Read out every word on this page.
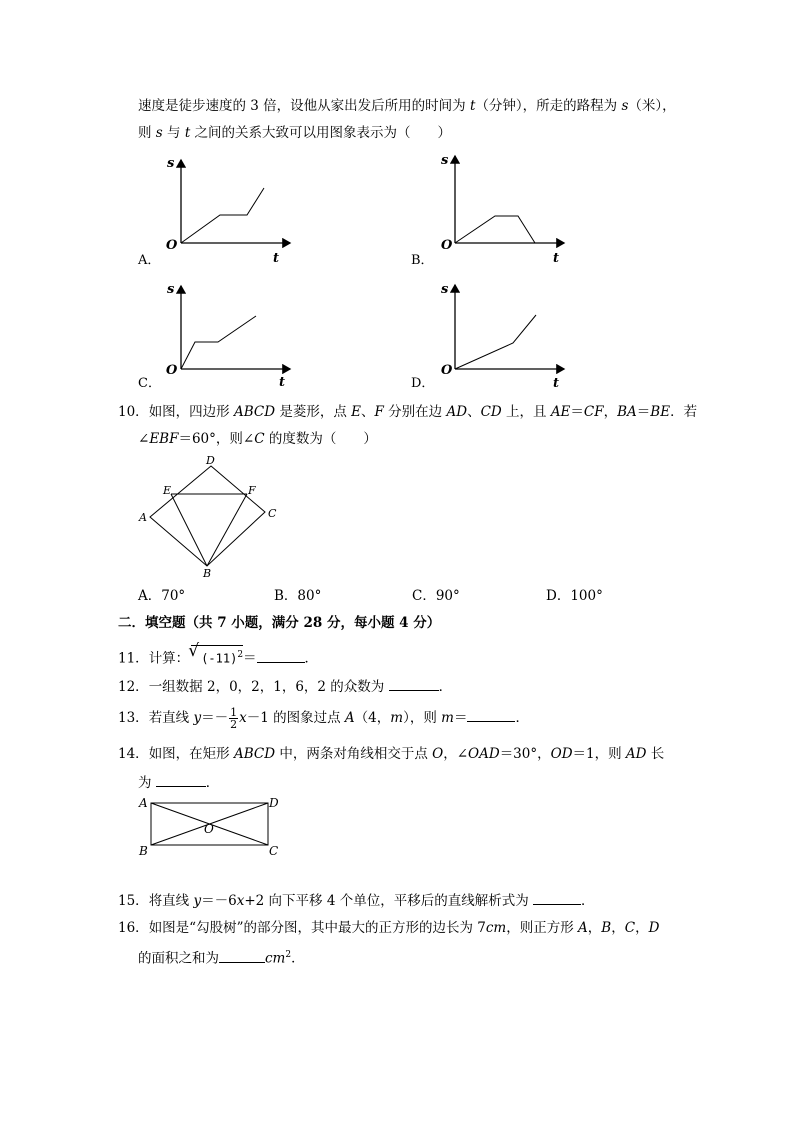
速度是徒步速度的 3 倍，设他从家出发后所用的时间为 t（分钟），所走的路程为 s（米），
则 s 与 t 之间的关系大致可以用图象表示为（　　）
s
O
t
A．
s
O
t
B．
s
O
t
C．
s
O
t
D．
D
E	F
A	C
B
A	D
O
B	C
10．如图，四边形 ABCD 是菱形，点 E、F 分别在边 AD、CD 上，且 AE＝CF，BA＝BE．若
∠EBF＝60°，则∠C 的度数为（　　）
A．70°	B．80°	C．90°	D．100°
二．填空题（共 7 小题，满分 28 分，每小题 4 分）
11．计算： √ $(-11)^2=$	．
12．一组数据 2，0，2，1，6，2 的众数为	．
13．若直线 $y=- \frac{1}{2} x-1$ 的图象过点 A（4，m），则 m＝	．
14．如图，在矩形 ABCD 中，两条对角线相交于点 O，∠OAD＝30°，OD＝1，则 AD 长
为	．
15．将直线 y＝－6x+2 向下平移 4 个单位，平移后的直线解析式为	．
16．如图是“勾股树”的部分图，其中最大的正方形的边长为 7cm，则正方形 A，B，C，D
的面积之和为	$cm^2$．
